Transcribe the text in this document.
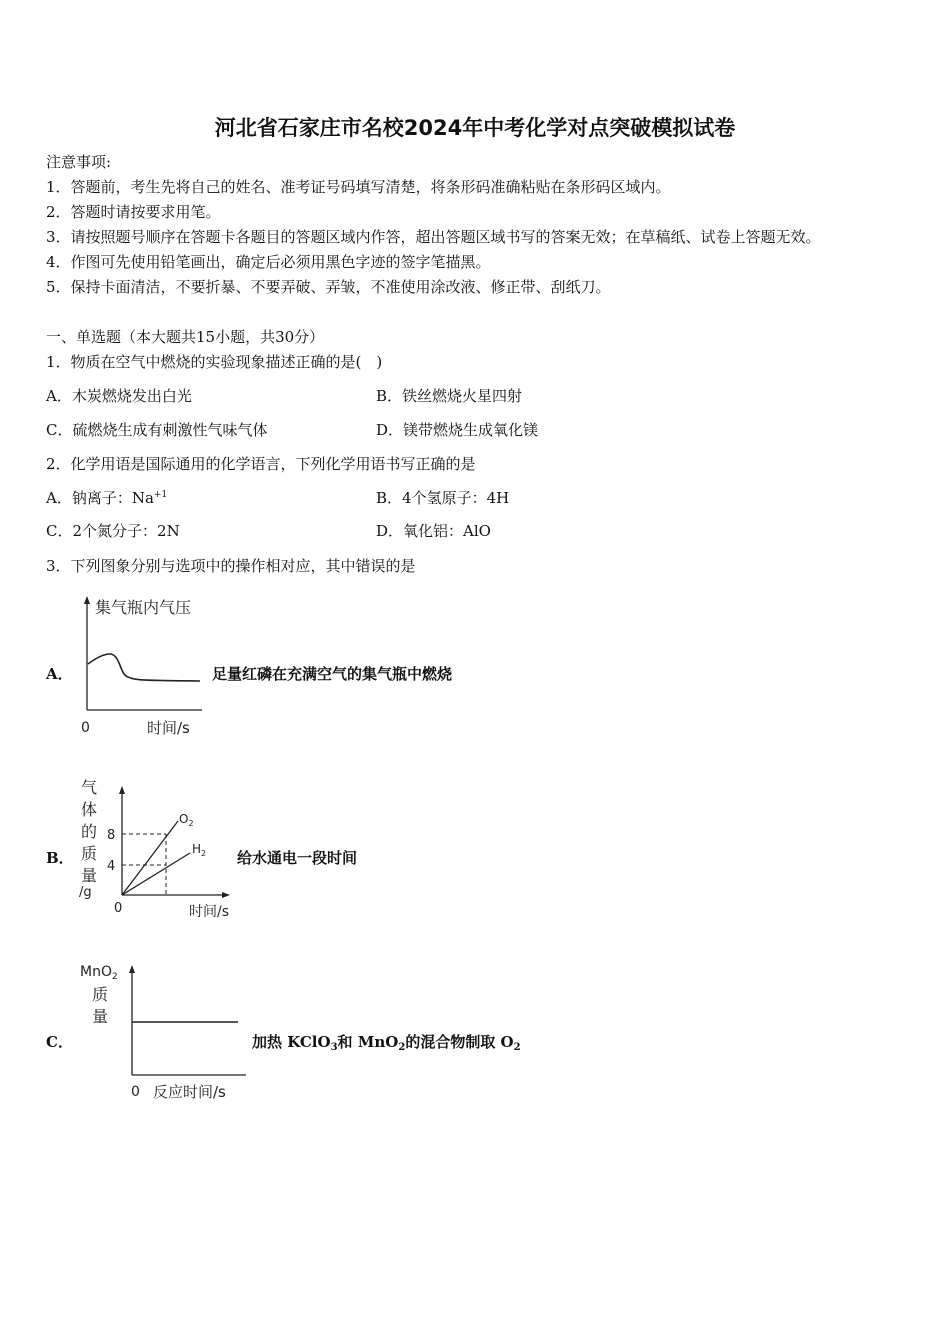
河北省石家庄市名校2024年中考化学对点突破模拟试卷
注意事项:
1．答题前，考生先将自己的姓名、准考证号码填写清楚，将条形码准确粘贴在条形码区域内。
2．答题时请按要求用笔。
3．请按照题号顺序在答题卡各题目的答题区域内作答，超出答题区域书写的答案无效；在草稿纸、试卷上答题无效。
4．作图可先使用铅笔画出，确定后必须用黑色字迹的签字笔描黑。
5．保持卡面清洁，不要折暴、不要弄破、弄皱，不准使用涂改液、修正带、刮纸刀。
一、单选题（本大题共15小题，共30分）
1．物质在空气中燃烧的实验现象描述正确的是(　)
A．木炭燃烧发出白光	B．铁丝燃烧火星四射
C．硫燃烧生成有刺激性气味气体	D．镁带燃烧生成氧化镁
2．化学用语是国际通用的化学语言，下列化学用语书写正确的是
A．钠离子：$Na^{+1}$	B．4个氢原子：4H
C．2个氮分子：2N	D．氧化铝：AlO
3．下列图象分别与选项中的操作相对应，其中错误的是
A．
集气瓶内气压
0	时间/s
足量红磷在充满空气的集气瓶中燃烧
B．
气
体
的
质
量
/g
8
4
0	时间/s
$O_2$
$H_2$ 给水通电一段时间
C．
MnO$_2$
质
量
0 反应时间/s
加热 KClO$_3$和 MnO$_2$的混合物制取 $O_2$
